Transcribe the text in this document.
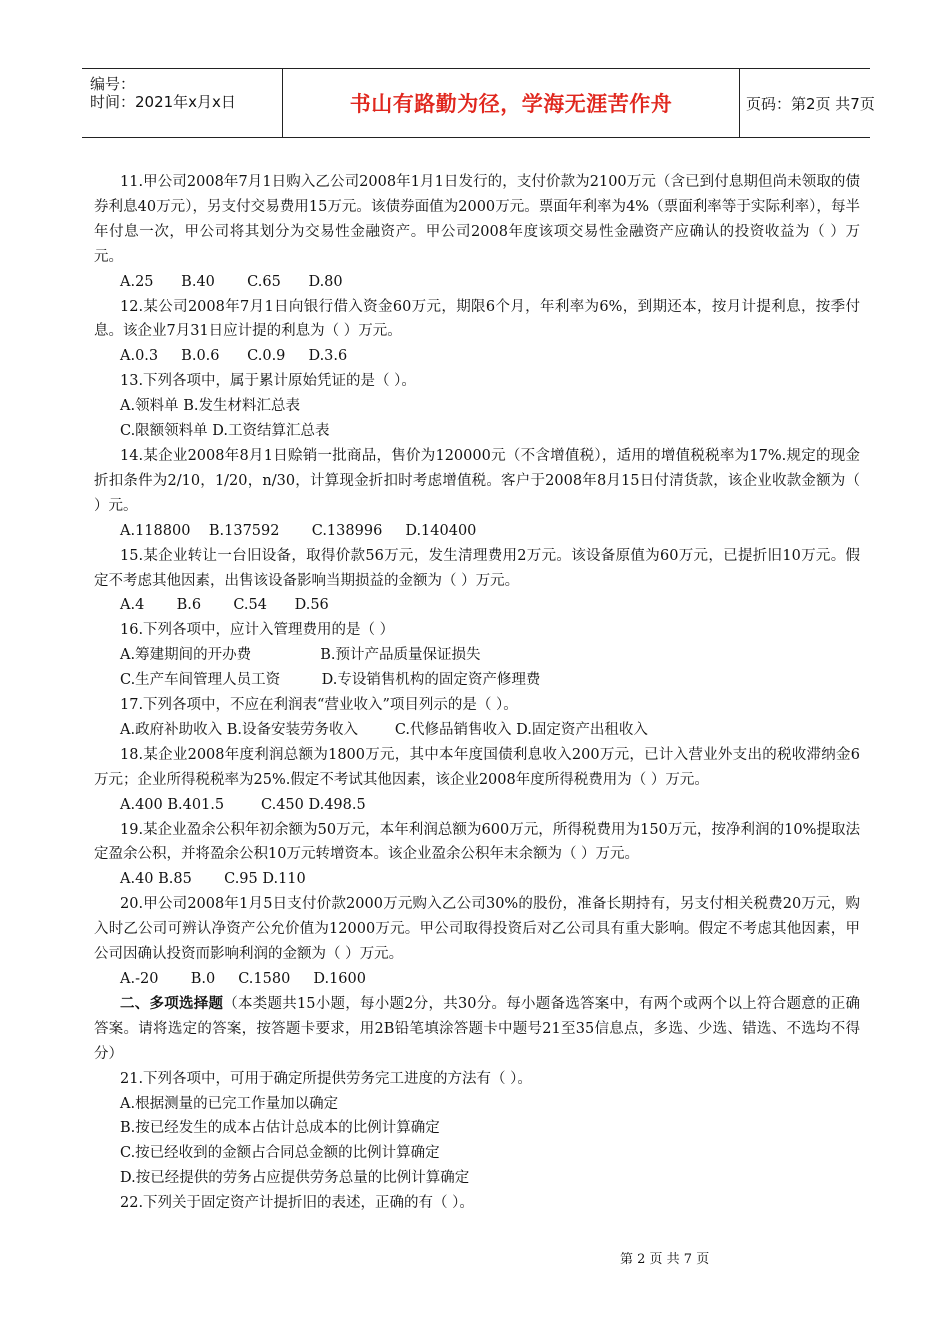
编号：
时间：2021年x月x日	书山有路勤为径，学海无涯苦作舟	页码：第2页 共7页

11.甲公司2008年7月1日购入乙公司2008年1月1日发行的，支付价款为2100万元（含已到付息期但尚未领取的债券利息40万元），另支付交易费用15万元。该债券面值为2000万元。票面年利率为4%（票面利率等于实际利率），每半年付息一次，甲公司将其划分为交易性金融资产。甲公司2008年度该项交易性金融资产应确认的投资收益为（ ）万元。

A.25      B.40       C.65      D.80

12.某公司2008年7月1日向银行借入资金60万元，期限6个月，年利率为6%，到期还本，按月计提利息，按季付息。该企业7月31日应计提的利息为（ ）万元。

A.0.3     B.0.6      C.0.9     D.3.6

13.下列各项中，属于累计原始凭证的是（ ）。

A.领料单 B.发生材料汇总表

C.限额领料单 D.工资结算汇总表

14.某企业2008年8月1日赊销一批商品，售价为120000元（不含增值税），适用的增值税税率为17%.规定的现金折扣条件为2/10，1/20，n/30，计算现金折扣时考虑增值税。客户于2008年8月15日付清货款，该企业收款金额为（ ）元。

A.118800    B.137592       C.138996     D.140400

15.某企业转让一台旧设备，取得价款56万元，发生清理费用2万元。该设备原值为60万元，已提折旧10万元。假定不考虑其他因素，出售该设备影响当期损益的金额为（ ）万元。

A.4       B.6       C.54      D.56

16.下列各项中，应计入管理费用的是（ ）

A.筹建期间的开办费               B.预计产品质量保证损失

C.生产车间管理人员工资         D.专设销售机构的固定资产修理费

17.下列各项中，不应在利润表“营业收入”项目列示的是（ ）。

A.政府补助收入 B.设备安装劳务收入        C.代修品销售收入 D.固定资产出租收入

18.某企业2008年度利润总额为1800万元，其中本年度国债利息收入200万元，已计入营业外支出的税收滞纳金6万元；企业所得税税率为25%.假定不考试其他因素，该企业2008年度所得税费用为（ ）万元。

A.400 B.401.5        C.450 D.498.5

19.某企业盈余公积年初余额为50万元，本年利润总额为600万元，所得税费用为150万元，按净利润的10%提取法定盈余公积，并将盈余公积10万元转增资本。该企业盈余公积年末余额为（ ）万元。

A.40 B.85       C.95 D.110

20.甲公司2008年1月5日支付价款2000万元购入乙公司30%的股份，准备长期持有，另支付相关税费20万元，购入时乙公司可辨认净资产公允价值为12000万元。甲公司取得投资后对乙公司具有重大影响。假定不考虑其他因素，甲公司因确认投资而影响利润的金额为（ ）万元。

A.-20       B.0     C.1580     D.1600

二、多项选择题（本类题共15小题，每小题2分，共30分。每小题备选答案中，有两个或两个以上符合题意的正确答案。请将选定的答案，按答题卡要求，用2B铅笔填涂答题卡中题号21至35信息点，多选、少选、错选、不选均不得分）

21.下列各项中，可用于确定所提供劳务完工进度的方法有（ ）。

A.根据测量的已完工作量加以确定

B.按已经发生的成本占估计总成本的比例计算确定

C.按已经收到的金额占合同总金额的比例计算确定

D.按已经提供的劳务占应提供劳务总量的比例计算确定

22.下列关于固定资产计提折旧的表述，正确的有（ ）。

第 2 页 共 7 页
